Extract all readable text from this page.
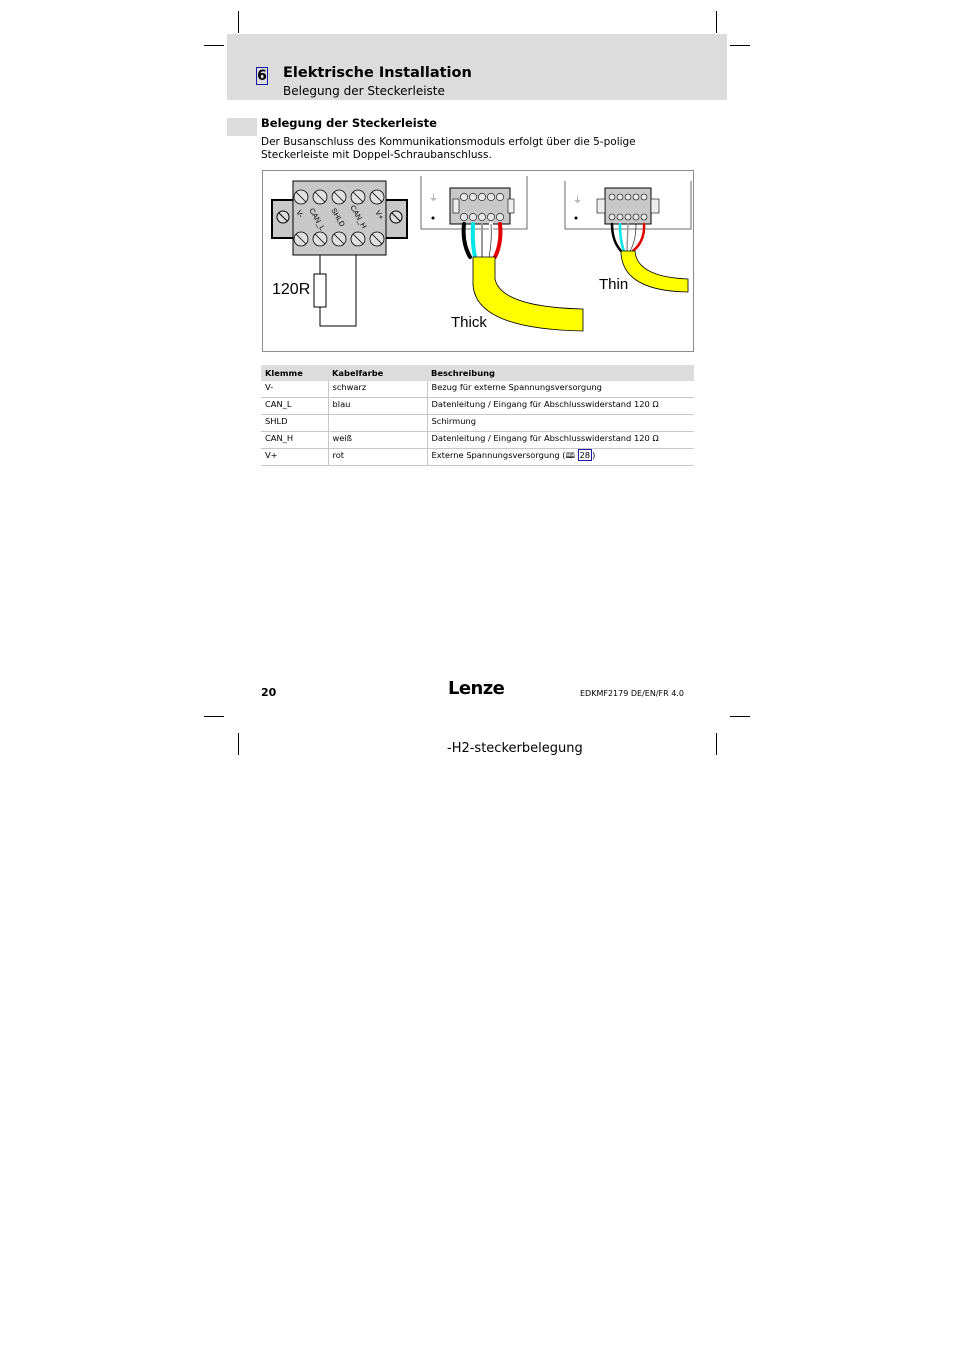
6 Elektrische Installation
Belegung der Steckerleiste
Belegung der Steckerleiste
Der Busanschluss des Kommunikationsmoduls erfolgt über die 5-polige Steckerleiste mit Doppel-Schraubanschluss.
V- CAN_L SHLD CAN_H V+
120R
⏚
Thick
⏚
Thin
Klemme	Kabelfarbe	Beschreibung
V-	schwarz	Bezug für externe Spannungsversorgung
CAN_L	blau	Datenleitung / Eingang für Abschlusswiderstand 120 Ω
SHLD		Schirmung
CAN_H	weiß	Datenleitung / Eingang für Abschlusswiderstand 120 Ω
V+	rot	Externe Spannungsversorgung (🕮 28 )
20	Lenze	EDKMF2179 DE/EN/FR 4.0
-H2-steckerbelegung
